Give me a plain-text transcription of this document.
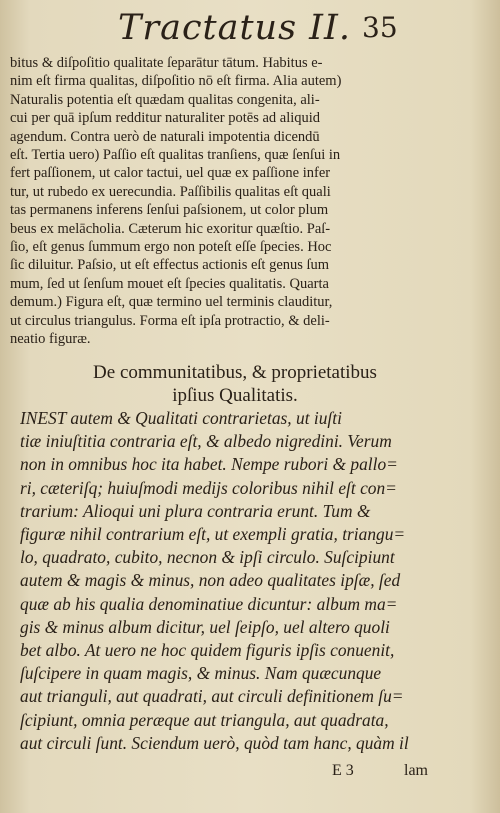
Tractatus II. 35
bitus & diſpoſitio qualitate ſeparātur tātum. Habitus e-
nim eſt firma qualitas, diſpoſitio nō eſt firma. Alia autem)
Naturalis potentia eſt quædam qualitas congenita, ali-
cui per quā ipſum redditur naturaliter potēs ad aliquid
agendum. Contra uerò de naturali impotentia dicendū
eſt. Tertia uero) Paſſio eſt qualitas tranſiens, quæ ſenſui in
fert paſſionem, ut calor tactui, uel quæ ex paſſione infer
tur, ut rubedo ex uerecundia. Paſſibilis qualitas eſt quali
tas permanens inferens ſenſui paſsionem, ut color plum
beus ex melācholia. Cæterum hic exoritur quæſtio. Paſ-
ſio, eſt genus ſummum ergo non poteſt eſſe ſpecies. Hoc
ſic diluitur. Paſsio, ut eſt effectus actionis eſt genus ſum
mum, ſed ut ſenſum mouet eſt ſpecies qualitatis. Quarta
demum.) Figura eſt, quæ termino uel terminis clauditur,
ut circulus triangulus. Forma eſt ipſa protractio, & deli-
neatio figuræ.
De communitatibus, & proprietatibus
ipſius Qualitatis.
INEST autem & Qualitati contrarietas, ut iuſti
tiæ iniuſtitia contraria eſt, & albedo nigredini. Verum
non in omnibus hoc ita habet. Nempe rubori & pallo=
ri, cæteriſq; huiuſmodi medijs coloribus nihil eſt con=
trarium: Alioqui uni plura contraria erunt. Tum &
figuræ nihil contrarium eſt, ut exempli gratia, triangu=
lo, quadrato, cubito, necnon & ipſi circulo. Suſcipiunt
autem & magis & minus, non adeo qualitates ipſæ, ſed
quæ ab his qualia denominatiue dicuntur: album ma=
gis & minus album dicitur, uel ſeipſo, uel altero quoli
bet albo. At uero ne hoc quidem figuris ipſis conuenit,
ſuſcipere in quam magis, & minus. Nam quæcunque
aut trianguli, aut quadrati, aut circuli definitionem ſu=
ſcipiunt, omnia peræque aut triangula, aut quadrata,
aut circuli ſunt. Sciendum uerò, quòd tam hanc, quàm il
E 3	lam
